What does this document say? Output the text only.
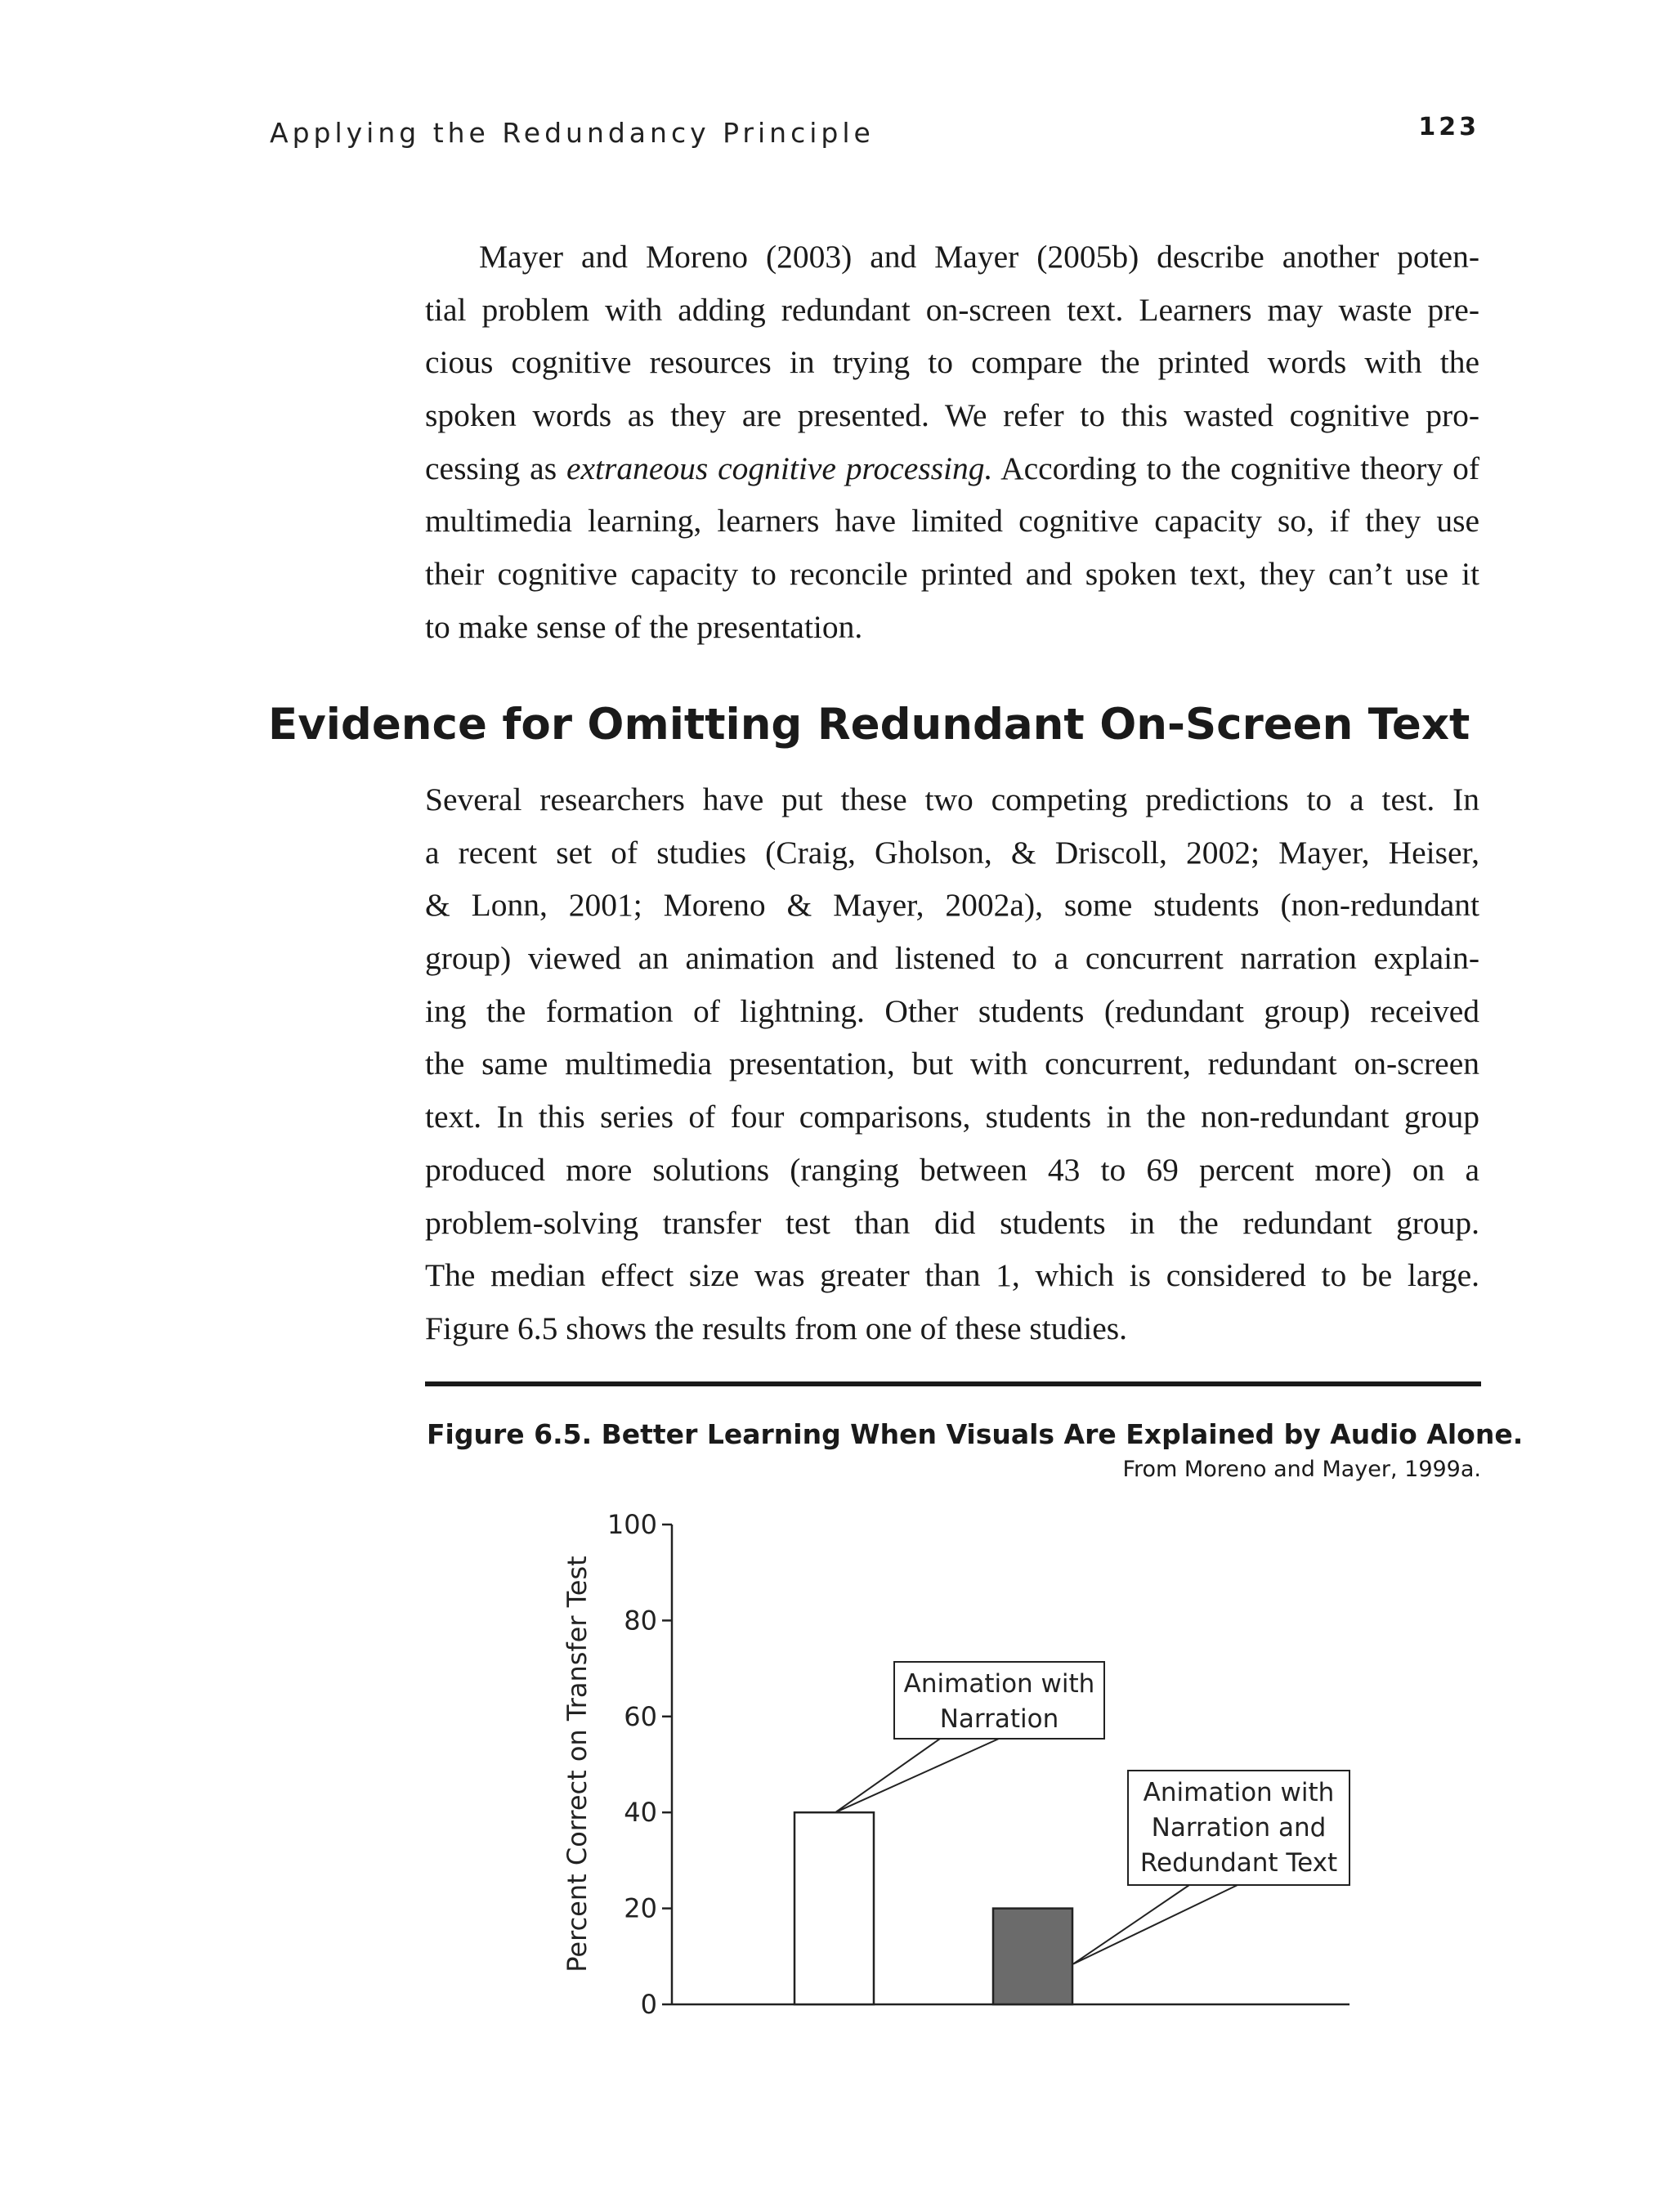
Applying the Redundancy Principle	123
Mayer and Moreno (2003) and Mayer (2005b) describe another poten-
tial problem with adding redundant on-screen text. Learners may waste pre-
cious cognitive resources in trying to compare the printed words with the
spoken words as they are presented. We refer to this wasted cognitive pro-
cessing as extraneous cognitive processing. According to the cognitive theory of
multimedia learning, learners have limited cognitive capacity so, if they use
their cognitive capacity to reconcile printed and spoken text, they can’t use it
to make sense of the presentation.
Evidence for Omitting Redundant On-Screen Text
Several researchers have put these two competing predictions to a test. In
a recent set of studies (Craig, Gholson, & Driscoll, 2002; Mayer, Heiser,
& Lonn, 2001; Moreno & Mayer, 2002a), some students (non-redundant
group) viewed an animation and listened to a concurrent narration explain-
ing the formation of lightning. Other students (redundant group) received
the same multimedia presentation, but with concurrent, redundant on-screen
text. In this series of four comparisons, students in the non-redundant group
produced more solutions (ranging between 43 to 69 percent more) on a
problem-solving transfer test than did students in the redundant group.
The median effect size was greater than 1, which is considered to be large.
Figure 6.5 shows the results from one of these studies.
Figure 6.5. Better Learning When Visuals Are Explained by Audio Alone.
From Moreno and Mayer, 1999a.
0
20
40
60
80
100
Percent Correct on Transfer Test	Animation with
Narration
Animation with
Narration and
Redundant Text
